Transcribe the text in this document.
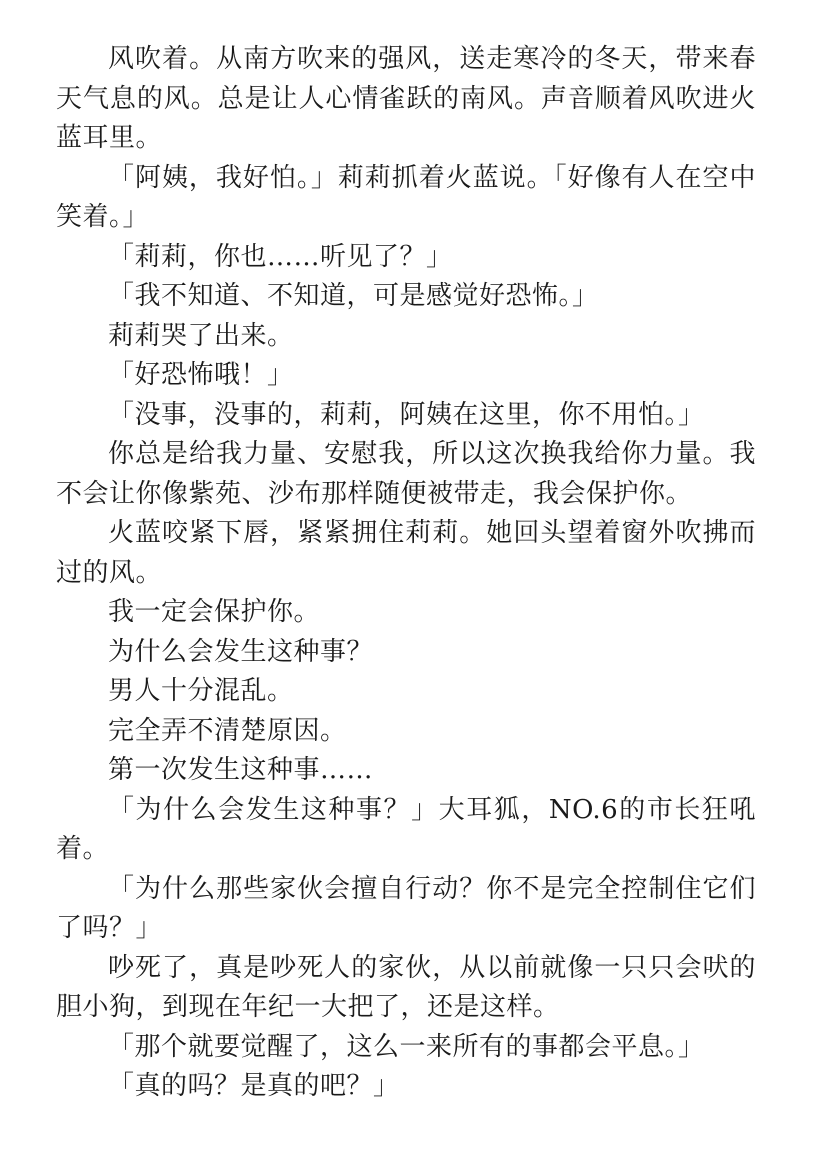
风吹着。从南方吹来的强风，送走寒冷的冬天，带来春天气息的风。总是让人心情雀跃的南风。声音顺着风吹进火蓝耳里。

「阿姨，我好怕。」莉莉抓着火蓝说。「好像有人在空中笑着。」

「莉莉，你也……听见了？」

「我不知道、不知道，可是感觉好恐怖。」

莉莉哭了出来。

「好恐怖哦！」

「没事，没事的，莉莉，阿姨在这里，你不用怕。」

你总是给我力量、安慰我，所以这次换我给你力量。我不会让你像紫苑、沙布那样随便被带走，我会保护你。

火蓝咬紧下唇，紧紧拥住莉莉。她回头望着窗外吹拂而过的风。

我一定会保护你。

为什么会发生这种事？

男人十分混乱。

完全弄不清楚原因。

第一次发生这种事……

「为什么会发生这种事？」大耳狐，NO.6的市长狂吼着。

「为什么那些家伙会擅自行动？你不是完全控制住它们了吗？」

吵死了，真是吵死人的家伙，从以前就像一只只会吠的胆小狗，到现在年纪一大把了，还是这样。

「那个就要觉醒了，这么一来所有的事都会平息。」

「真的吗？是真的吧？」
